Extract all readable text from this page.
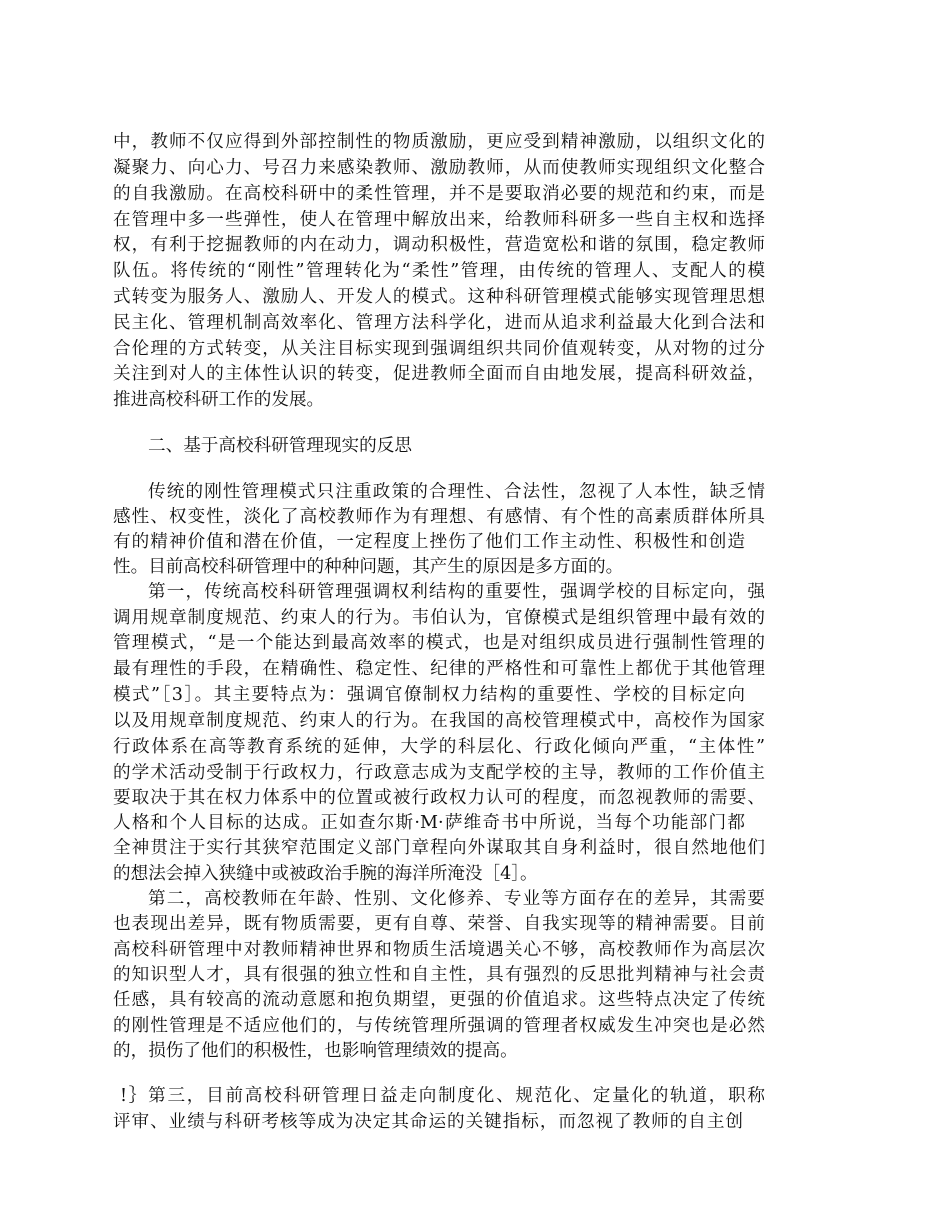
中，教师不仅应得到外部控制性的物质激励，更应受到精神激励，以组织文化的
凝聚力、向心力、号召力来感染教师、激励教师，从而使教师实现组织文化整合
的自我激励。在高校科研中的柔性管理，并不是要取消必要的规范和约束，而是
在管理中多一些弹性，使人在管理中解放出来，给教师科研多一些自主权和选择
权，有利于挖掘教师的内在动力，调动积极性，营造宽松和谐的氛围，稳定教师
队伍。将传统的“刚性”管理转化为“柔性”管理，由传统的管理人、支配人的模
式转变为服务人、激励人、开发人的模式。这种科研管理模式能够实现管理思想
民主化、管理机制高效率化、管理方法科学化，进而从追求利益最大化到合法和
合伦理的方式转变，从关注目标实现到强调组织共同价值观转变，从对物的过分
关注到对人的主体性认识的转变，促进教师全面而自由地发展，提高科研效益，
推进高校科研工作的发展。
二、基于高校科研管理现实的反思
传统的刚性管理模式只注重政策的合理性、合法性，忽视了人本性，缺乏情
感性、权变性，淡化了高校教师作为有理想、有感情、有个性的高素质群体所具
有的精神价值和潜在价值，一定程度上挫伤了他们工作主动性、积极性和创造
性。目前高校科研管理中的种种问题，其产生的原因是多方面的。
第一，传统高校科研管理强调权利结构的重要性，强调学校的目标定向，强
调用规章制度规范、约束人的行为。韦伯认为，官僚模式是组织管理中最有效的
管理模式，“是一个能达到最高效率的模式，也是对组织成员进行强制性管理的
最有理性的手段，在精确性、稳定性、纪律的严格性和可靠性上都优于其他管理
模式”［3］。其主要特点为：强调官僚制权力结构的重要性、学校的目标定向
以及用规章制度规范、约束人的行为。在我国的高校管理模式中，高校作为国家
行政体系在高等教育系统的延伸，大学的科层化、行政化倾向严重，“主体性”
的学术活动受制于行政权力，行政意志成为支配学校的主导，教师的工作价值主
要取决于其在权力体系中的位置或被行政权力认可的程度，而忽视教师的需要、
人格和个人目标的达成。正如查尔斯·M·萨维奇书中所说，当每个功能部门都
全神贯注于实行其狭窄范围定义部门章程向外谋取其自身利益时，很自然地他们
的想法会掉入狭缝中或被政治手腕的海洋所淹没［4］。
第二，高校教师在年龄、性别、文化修养、专业等方面存在的差异，其需要
也表现出差异，既有物质需要，更有自尊、荣誉、自我实现等的精神需要。目前
高校科研管理中对教师精神世界和物质生活境遇关心不够，高校教师作为高层次
的知识型人才，具有很强的独立性和自主性，具有强烈的反思批判精神与社会责
任感，具有较高的流动意愿和抱负期望，更强的价值追求。这些特点决定了传统
的刚性管理是不适应他们的，与传统管理所强调的管理者权威发生冲突也是必然
的，损伤了他们的积极性，也影响管理绩效的提高。
!｝第三，目前高校科研管理日益走向制度化、规范化、定量化的轨道，职称
评审、业绩与科研考核等成为决定其命运的关键指标，而忽视了教师的自主创
